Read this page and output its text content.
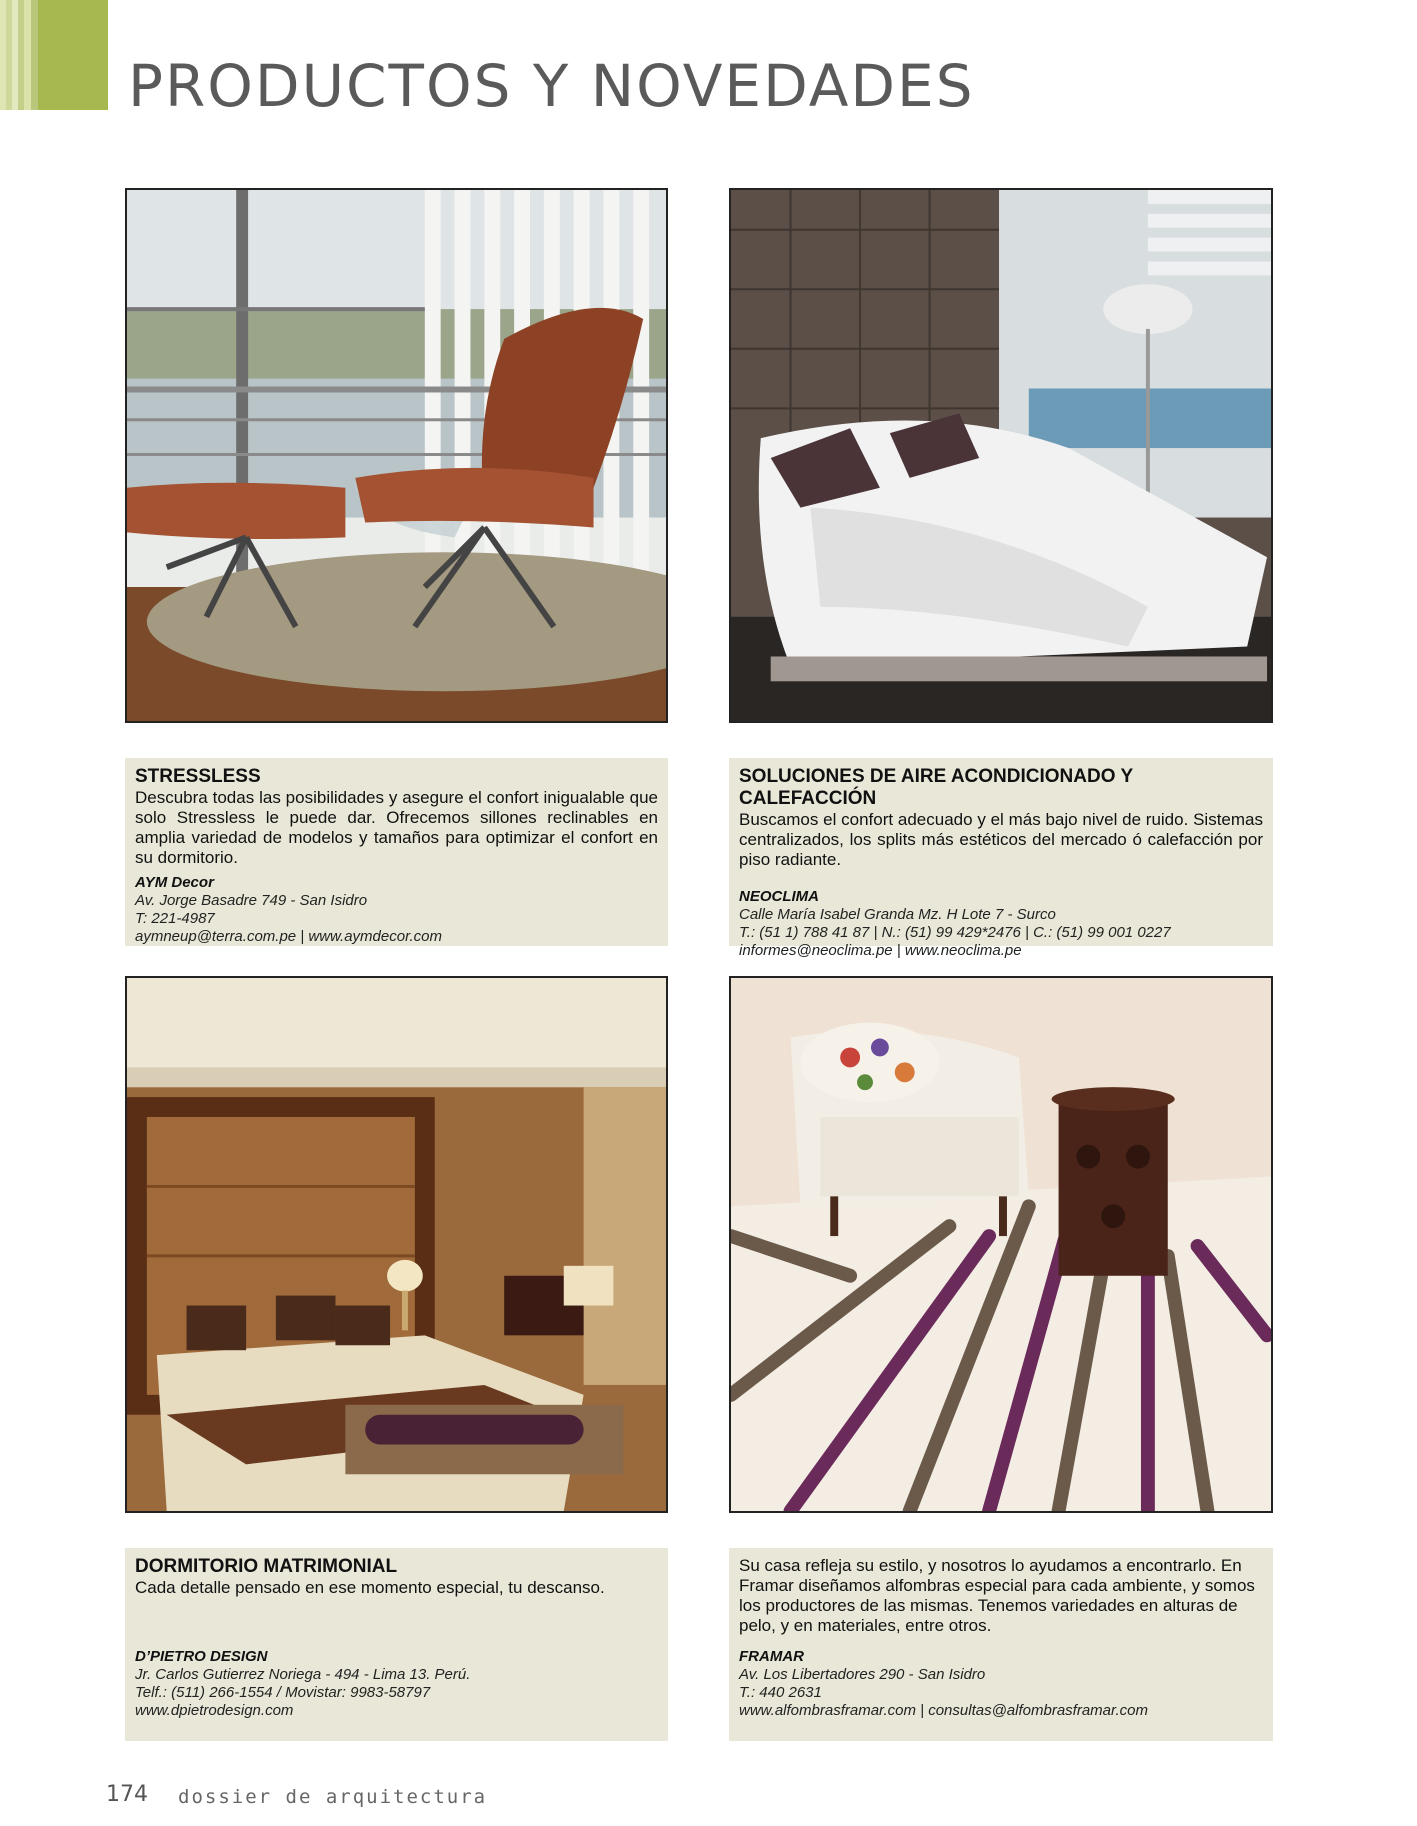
PRODUCTOS Y NOVEDADES
STRESSLESS
Descubra todas las posibilidades y asegure el confort inigualable que solo Stressless le puede dar. Ofrecemos sillones reclinables en amplia variedad de modelos y tamaños para optimizar el confort en su dormitorio.
AYM Decor
Av. Jorge Basadre 749 - San Isidro
T: 221-4987
aymneup@terra.com.pe | www.aymdecor.com
SOLUCIONES DE AIRE ACONDICIONADO Y CALEFACCIÓN
Buscamos el confort adecuado y el más bajo nivel de ruido. Sistemas centralizados, los splits más estéticos del mercado ó calefacción por piso radiante.
NEOCLIMA
Calle María Isabel Granda Mz. H Lote 7 - Surco
T.: (51 1) 788 41 87 | N.: (51) 99 429*2476 | C.: (51) 99 001 0227
informes@neoclima.pe | www.neoclima.pe
DORMITORIO MATRIMONIAL
Cada detalle pensado en ese momento especial, tu descanso.
D’PIETRO DESIGN
Jr. Carlos Gutierrez Noriega - 494 - Lima 13. Perú.
Telf.: (511) 266-1554 / Movistar: 9983-58797
www.dpietrodesign.com
Su casa refleja su estilo, y nosotros lo ayudamos a encontrarlo. En Framar diseñamos alfombras especial para cada ambiente, y somos los productores de las mismas. Tenemos variedades en alturas de pelo, y en materiales, entre otros.
FRAMAR
Av. Los Libertadores 290 - San Isidro
T.: 440 2631
www.alfombrasframar.com | consultas@alfombrasframar.com
174 dossier de arquitectura
